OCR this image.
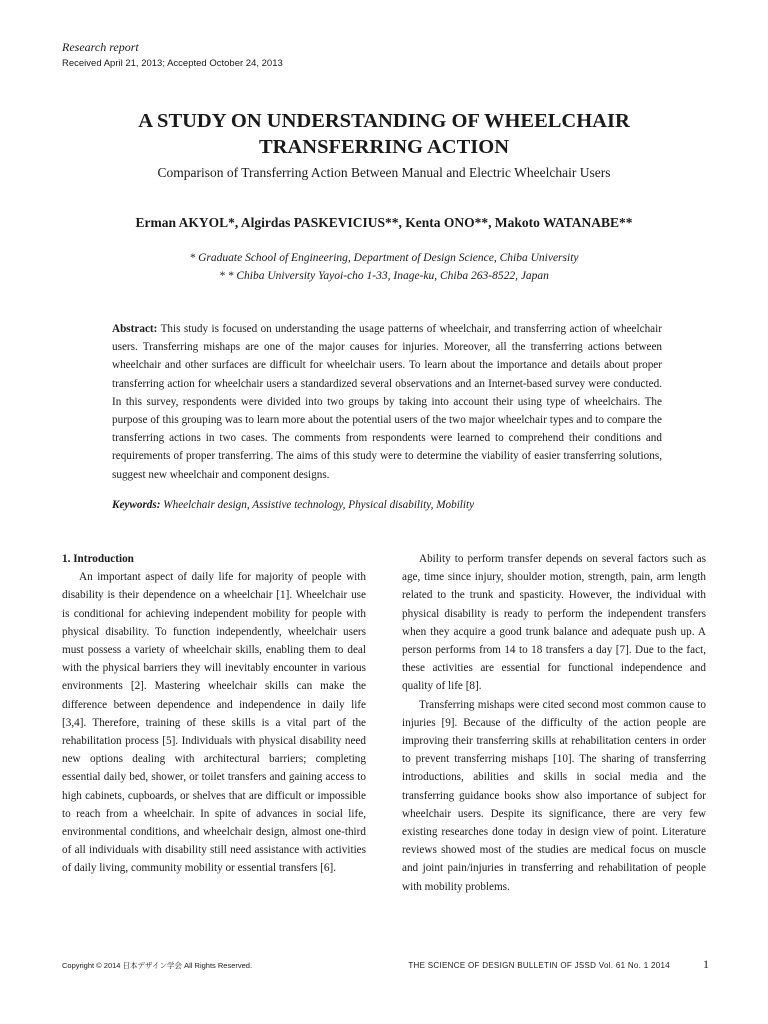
Research report
Received April 21, 2013; Accepted October 24, 2013
A STUDY ON UNDERSTANDING OF WHEELCHAIR
TRANSFERRING ACTION
Comparison of Transferring Action Between Manual and Electric Wheelchair Users
Erman AKYOL*, Algirdas PASKEVICIUS**, Kenta ONO**, Makoto WATANABE**
* Graduate School of Engineering, Department of Design Science, Chiba University
* * Chiba University Yayoi-cho 1-33, Inage-ku, Chiba 263-8522, Japan
Abstract: This study is focused on understanding the usage patterns of wheelchair, and transferring action of wheelchair users. Transferring mishaps are one of the major causes for injuries. Moreover, all the transferring actions between wheelchair and other surfaces are difficult for wheelchair users. To learn about the importance and details about proper transferring action for wheelchair users a standardized several observations and an Internet-based survey were conducted. In this survey, respondents were divided into two groups by taking into account their using type of wheelchairs. The purpose of this grouping was to learn more about the potential users of the two major wheelchair types and to compare the transferring actions in two cases. The comments from respondents were learned to comprehend their conditions and requirements of proper transferring. The aims of this study were to determine the viability of easier transferring solutions, suggest new wheelchair and component designs.
Keywords: Wheelchair design, Assistive technology, Physical disability, Mobility
1. Introduction

An important aspect of daily life for majority of people with disability is their dependence on a wheelchair [1]. Wheelchair use is conditional for achieving independent mobility for people with physical disability. To function independently, wheelchair users must possess a variety of wheelchair skills, enabling them to deal with the physical barriers they will inevitably encounter in various environments [2]. Mastering wheelchair skills can make the difference between dependence and independence in daily life [3,4]. Therefore, training of these skills is a vital part of the rehabilitation process [5]. Individuals with physical disability need new options dealing with architectural barriers; completing essential daily bed, shower, or toilet transfers and gaining access to high cabinets, cupboards, or shelves that are difficult or impossible to reach from a wheelchair. In spite of advances in social life, environmental conditions, and wheelchair design, almost one-third of all individuals with disability still need assistance with activities of daily living, community mobility or essential transfers [6].

Ability to perform transfer depends on several factors such as age, time since injury, shoulder motion, strength, pain, arm length related to the trunk and spasticity. However, the individual with physical disability is ready to perform the independent transfers when they acquire a good trunk balance and adequate push up. A person performs from 14 to 18 transfers a day [7]. Due to the fact, these activities are essential for functional independence and quality of life [8].

Transferring mishaps were cited second most common cause to injuries [9]. Because of the difficulty of the action people are improving their transferring skills at rehabilitation centers in order to prevent transferring mishaps [10]. The sharing of transferring introductions, abilities and skills in social media and the transferring guidance books show also importance of subject for wheelchair users. Despite its significance, there are very few existing researches done today in design view of point. Literature reviews showed most of the studies are medical focus on muscle and joint pain/injuries in transferring and rehabilitation of people with mobility problems.

Copyright © 2014 日本デザイン学会 All Rights Reserved.	THE SCIENCE OF DESIGN BULLETIN OF JSSD Vol. 61 No. 1 2014	1
